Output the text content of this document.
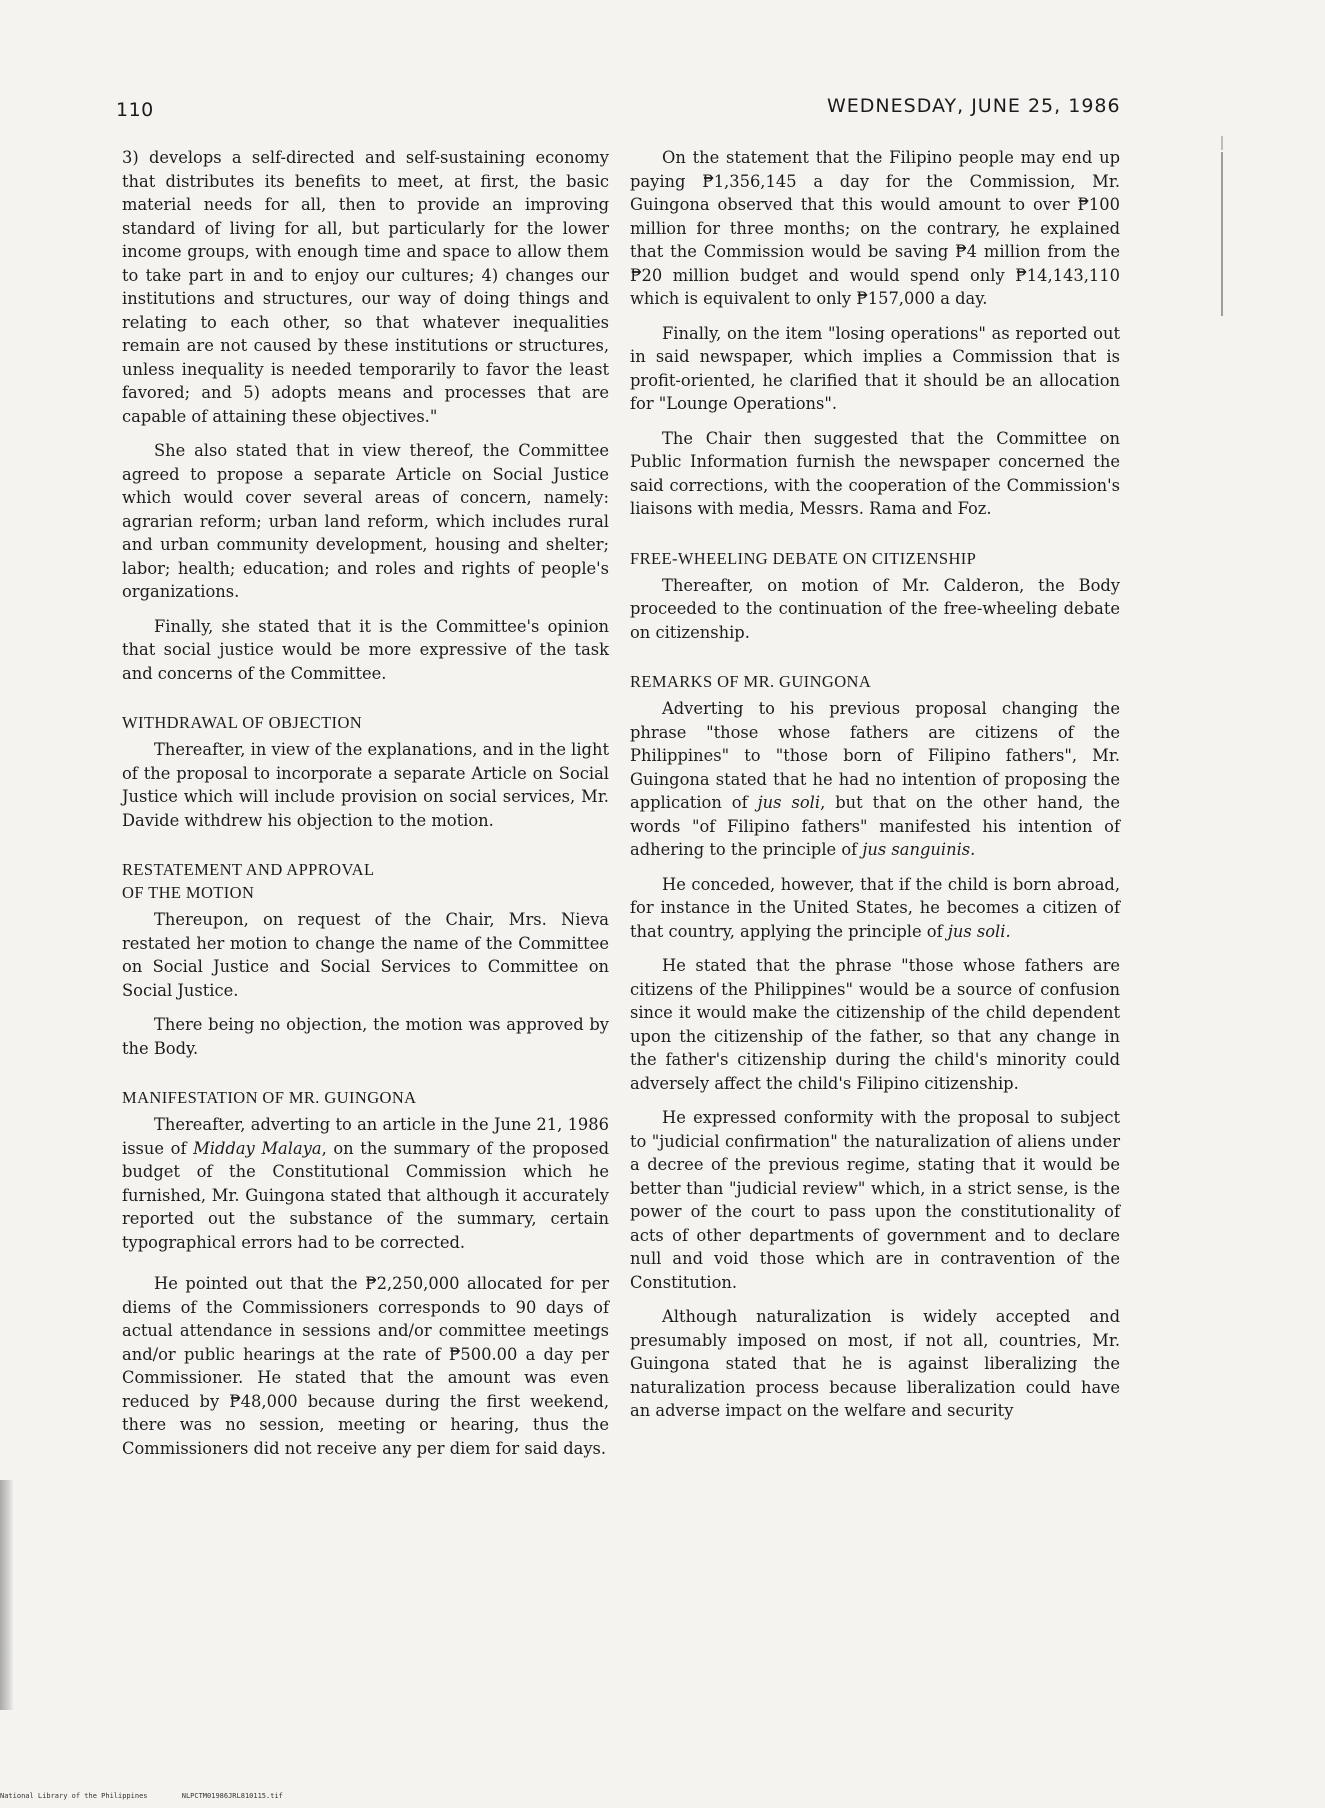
110	WEDNESDAY, JUNE 25, 1986

3) develops a self-directed and self-sustaining economy that distributes its benefits to meet, at first, the basic material needs for all, then to provide an improving standard of living for all, but particularly for the lower income groups, with enough time and space to allow them to take part in and to enjoy our cultures; 4) changes our institutions and structures, our way of doing things and relating to each other, so that whatever inequalities remain are not caused by these institutions or structures, unless inequality is needed temporarily to favor the least favored; and 5) adopts means and processes that are capable of attaining these objectives."

She also stated that in view thereof, the Committee agreed to propose a separate Article on Social Justice which would cover several areas of concern, namely: agrarian reform; urban land reform, which includes rural and urban community development, housing and shelter; labor; health; education; and roles and rights of people's organizations.

Finally, she stated that it is the Committee's opinion that social justice would be more expressive of the task and concerns of the Committee.

WITHDRAWAL OF OBJECTION

Thereafter, in view of the explanations, and in the light of the proposal to incorporate a separate Article on Social Justice which will include provision on social services, Mr. Davide withdrew his objection to the motion.

RESTATEMENT AND APPROVAL
OF THE MOTION

Thereupon, on request of the Chair, Mrs. Nieva restated her motion to change the name of the Committee on Social Justice and Social Services to Committee on Social Justice.

There being no objection, the motion was approved by the Body.

MANIFESTATION OF MR. GUINGONA

Thereafter, adverting to an article in the June 21, 1986 issue of Midday Malaya, on the summary of the proposed budget of the Constitutional Commission which he furnished, Mr. Guingona stated that although it accurately reported out the substance of the summary, certain typographical errors had to be corrected.

He pointed out that the ₱2,250,000 allocated for per diems of the Commissioners corresponds to 90 days of actual attendance in sessions and/or committee meetings and/or public hearings at the rate of ₱500.00 a day per Commissioner. He stated that the amount was even reduced by ₱48,000 because during the first weekend, there was no session, meeting or hearing, thus the Commissioners did not receive any per diem for said days.

On the statement that the Filipino people may end up paying ₱1,356,145 a day for the Commission, Mr. Guingona observed that this would amount to over ₱100 million for three months; on the contrary, he explained that the Commission would be saving ₱4 million from the ₱20 million budget and would spend only ₱14,143,110 which is equivalent to only ₱157,000 a day.

Finally, on the item "losing operations" as reported out in said newspaper, which implies a Commission that is profit-oriented, he clarified that it should be an allocation for "Lounge Operations".

The Chair then suggested that the Committee on Public Information furnish the newspaper concerned the said corrections, with the cooperation of the Commission's liaisons with media, Messrs. Rama and Foz.

FREE-WHEELING DEBATE ON CITIZENSHIP

Thereafter, on motion of Mr. Calderon, the Body proceeded to the continuation of the free-wheeling debate on citizenship.

REMARKS OF MR. GUINGONA

Adverting to his previous proposal changing the phrase "those whose fathers are citizens of the Philippines" to "those born of Filipino fathers", Mr. Guingona stated that he had no intention of proposing the application of jus soli, but that on the other hand, the words "of Filipino fathers" manifested his intention of adhering to the principle of jus sanguinis.

He conceded, however, that if the child is born abroad, for instance in the United States, he becomes a citizen of that country, applying the principle of jus soli.

He stated that the phrase "those whose fathers are citizens of the Philippines" would be a source of confusion since it would make the citizenship of the child dependent upon the citizenship of the father, so that any change in the father's citizenship during the child's minority could adversely affect the child's Filipino citizenship.

He expressed conformity with the proposal to subject to "judicial confirmation" the naturalization of aliens under a decree of the previous regime, stating that it would be better than "judicial review" which, in a strict sense, is the power of the court to pass upon the constitutionality of acts of other departments of government and to declare null and void those which are in contravention of the Constitution.

Although naturalization is widely accepted and presumably imposed on most, if not all, countries, Mr. Guingona stated that he is against liberalizing the naturalization process because liberalization could have an adverse impact on the welfare and security

National Library of the Philippines	NLPCTM01986JRL810115.tif
